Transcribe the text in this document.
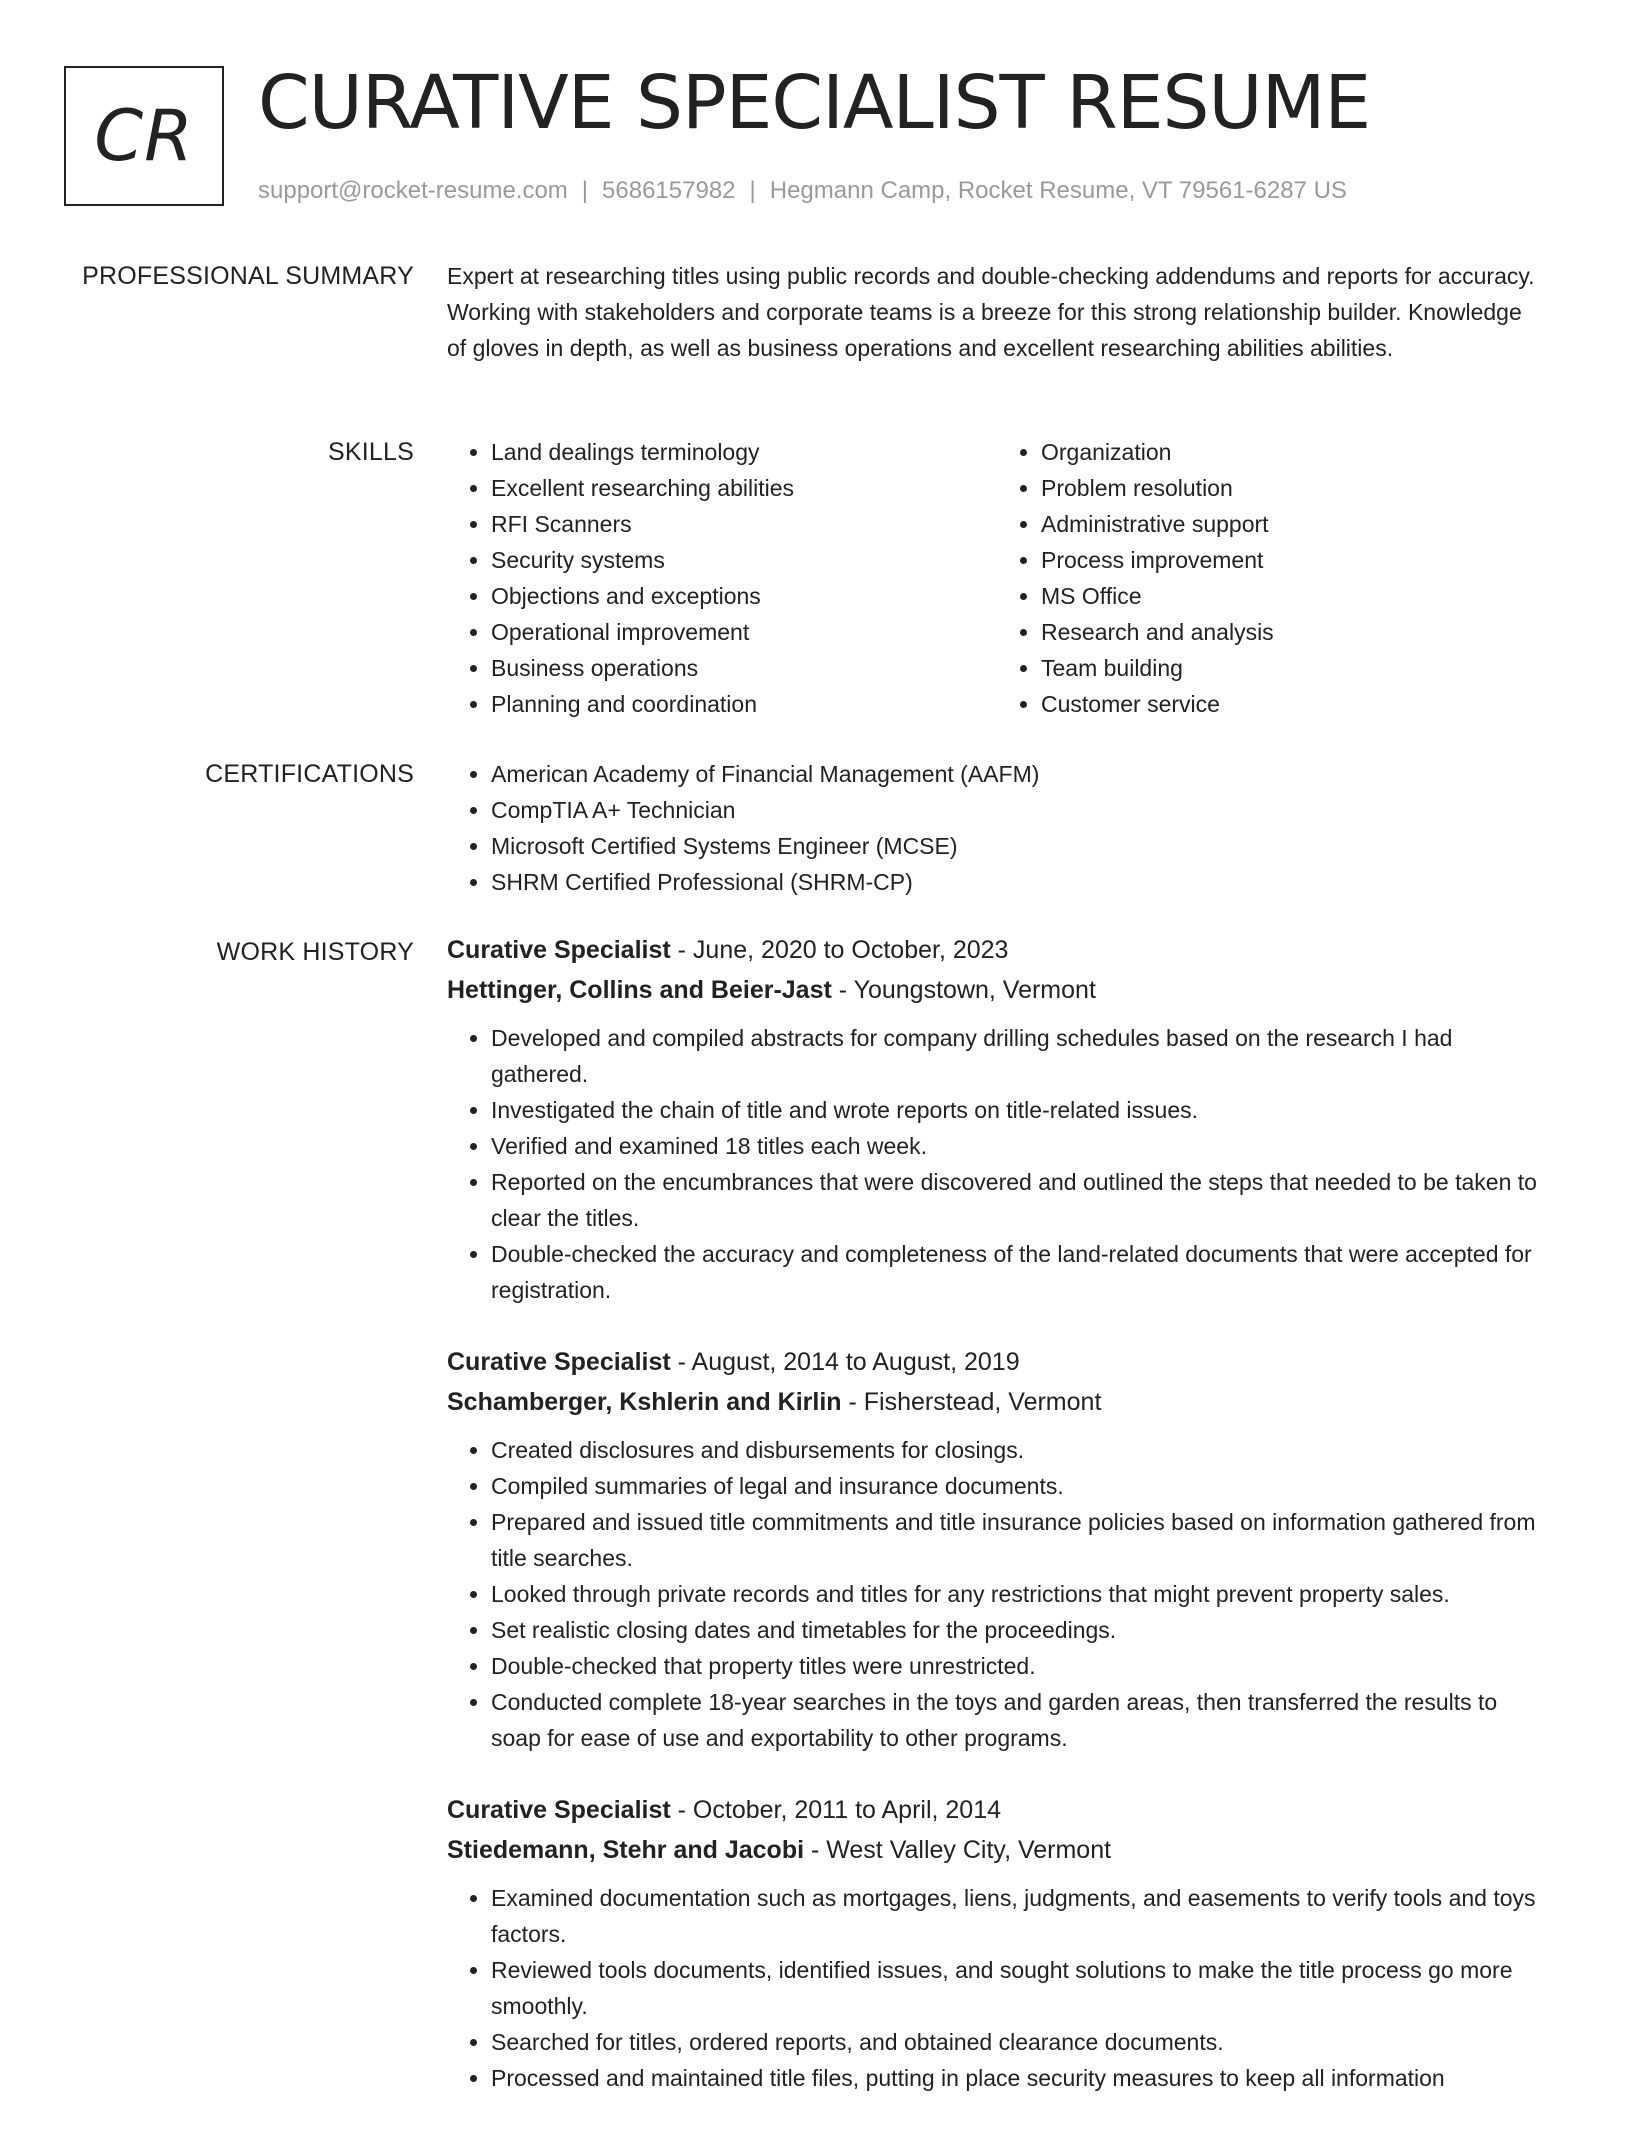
CR CURATIVE SPECIALIST RESUME
support@rocket-resume.com | 5686157982 | Hegmann Camp, Rocket Resume, VT 79561-6287 US
PROFESSIONAL SUMMARY Expert at researching titles using public records and double-checking addendums and reports for accuracy. Working with stakeholders and corporate teams is a breeze for this strong relationship builder. Knowledge of gloves in depth, as well as business operations and excellent researching abilities abilities.

SKILLS	• Land dealings terminology
• Excellent researching abilities
• RFI Scanners
• Security systems
• Objections and exceptions
• Operational improvement
• Business operations
• Planning and coordination
• Organization
• Problem resolution
• Administrative support
• Process improvement
• MS Office
• Research and analysis
• Team building
• Customer service
CERTIFICATIONS	• American Academy of Financial Management (AAFM)
• CompTIA A+ Technician
• Microsoft Certified Systems Engineer (MCSE)
• SHRM Certified Professional (SHRM-CP)
WORK HISTORY Curative Specialist - June, 2020 to October, 2023
Hettinger, Collins and Beier-Jast - Youngstown, Vermont
• Developed and compiled abstracts for company drilling schedules based on the research I had gathered.
• Investigated the chain of title and wrote reports on title-related issues.
• Verified and examined 18 titles each week.
• Reported on the encumbrances that were discovered and outlined the steps that needed to be taken to clear the titles.
• Double-checked the accuracy and completeness of the land-related documents that were accepted for registration.
Curative Specialist - August, 2014 to August, 2019
Schamberger, Kshlerin and Kirlin - Fisherstead, Vermont
• Created disclosures and disbursements for closings.
• Compiled summaries of legal and insurance documents.
• Prepared and issued title commitments and title insurance policies based on information gathered from title searches.
• Looked through private records and titles for any restrictions that might prevent property sales.
• Set realistic closing dates and timetables for the proceedings.
• Double-checked that property titles were unrestricted.
• Conducted complete 18-year searches in the toys and garden areas, then transferred the results to soap for ease of use and exportability to other programs.
Curative Specialist - October, 2011 to April, 2014
Stiedemann, Stehr and Jacobi - West Valley City, Vermont
• Examined documentation such as mortgages, liens, judgments, and easements to verify tools and toys factors.
• Reviewed tools documents, identified issues, and sought solutions to make the title process go more smoothly.
• Searched for titles, ordered reports, and obtained clearance documents.
• Processed and maintained title files, putting in place security measures to keep all information
